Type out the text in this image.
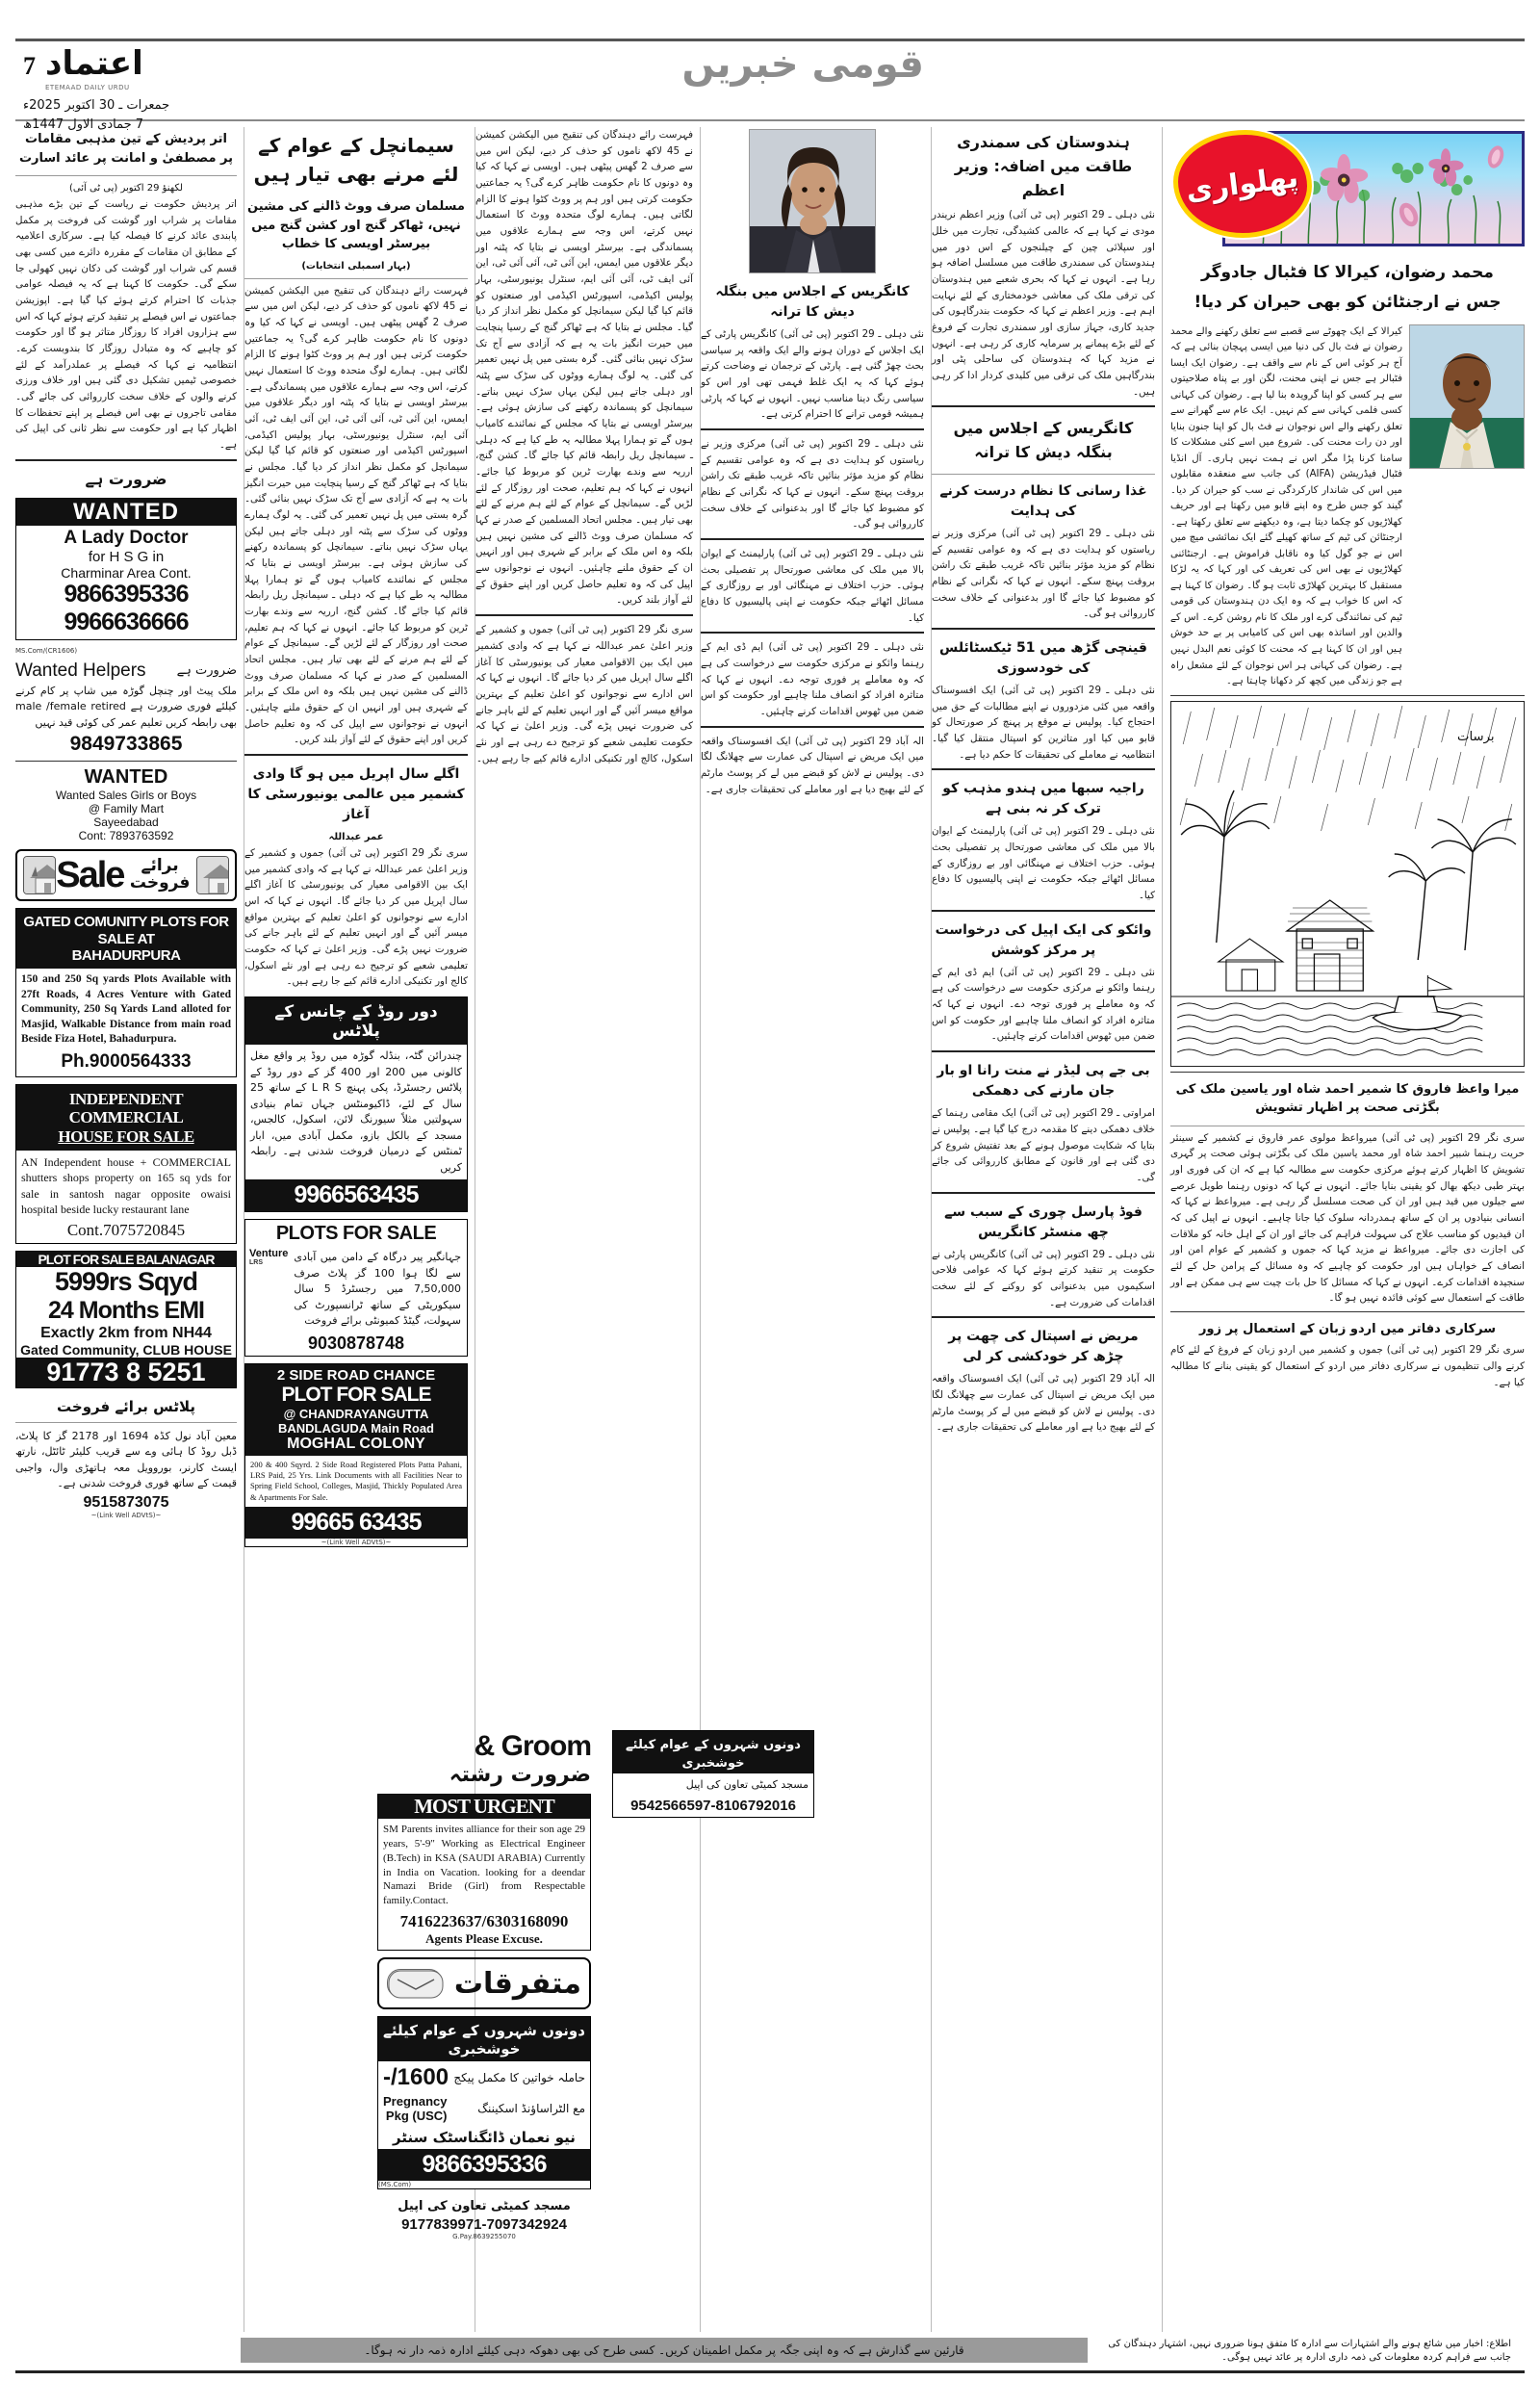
7 اعتماد
ETEMAAD DAILY URDU
جمعرات ـ 30 اکتوبر 2025ء
7 جمادی الاول 1447ھ
قومی خبریں
پھلواری
محمد رضوان، کیرالا کا فٹبال جادوگر
جس نے ارجنٹائن کو بھی حیران کر دیا!
کیرالا کے ایک چھوٹے سے قصبے سے تعلق رکھنے والے محمد رضوان نے فٹ بال کی دنیا میں ایسی پہچان بنائی ہے کہ آج ہر کوئی اس کے نام سے واقف ہے۔ رضوان ایک ایسا فٹبالر ہے جس نے اپنی محنت، لگن اور بے پناہ صلاحیتوں سے ہر کسی کو اپنا گرویدہ بنا لیا ہے۔ رضوان کی کہانی کسی فلمی کہانی سے کم نہیں۔ ایک عام سے گھرانے سے تعلق رکھنے والے اس نوجوان نے فٹ بال کو اپنا جنون بنایا اور دن رات محنت کی۔ شروع میں اسے کئی مشکلات کا سامنا کرنا پڑا مگر اس نے ہمت نہیں ہاری۔ آل انڈیا فٹبال فیڈریشن (AIFA) کی جانب سے منعقدہ مقابلوں میں اس کی شاندار کارکردگی نے سب کو حیران کر دیا۔ گیند کو جس طرح وہ اپنے قابو میں رکھتا ہے اور حریف کھلاڑیوں کو چکما دیتا ہے، وہ دیکھنے سے تعلق رکھتا ہے۔ ارجنٹائن کی ٹیم کے ساتھ کھیلے گئے ایک نمائشی میچ میں اس نے جو گول کیا وہ ناقابل فراموش ہے۔ ارجنٹائنی کھلاڑیوں نے بھی اس کی تعریف کی اور کہا کہ یہ لڑکا مستقبل کا بہترین کھلاڑی ثابت ہو گا۔ رضوان کا کہنا ہے کہ اس کا خواب ہے کہ وہ ایک دن ہندوستان کی قومی ٹیم کی نمائندگی کرے اور ملک کا نام روشن کرے۔ اس کے والدین اور اساتذہ بھی اس کی کامیابی پر بے حد خوش ہیں اور ان کا کہنا ہے کہ محنت کا کوئی نعم البدل نہیں ہے۔ رضوان کی کہانی ہر اس نوجوان کے لئے مشعل راہ ہے جو زندگی میں کچھ کر دکھانا چاہتا ہے۔
برسات
میرا واعظ فاروق کا شمیر احمد شاہ اور یاسین ملک کی بگڑتی صحت پر اظہار تشویش
سری نگر 29 اکتوبر (پی ٹی آئی) میرواعظ مولوی عمر فاروق نے کشمیر کے سینئر حریت رہنما شبیر احمد شاہ اور محمد یاسین ملک کی بگڑتی ہوئی صحت پر گہری تشویش کا اظہار کرتے ہوئے مرکزی حکومت سے مطالبہ کیا ہے کہ ان کی فوری اور بہتر طبی دیکھ بھال کو یقینی بنایا جائے۔ انہوں نے کہا کہ دونوں رہنما طویل عرصے سے جیلوں میں قید ہیں اور ان کی صحت مسلسل گر رہی ہے۔ میرواعظ نے کہا کہ انسانی بنیادوں پر ان کے ساتھ ہمدردانہ سلوک کیا جانا چاہیے۔ انہوں نے اپیل کی کہ ان قیدیوں کو مناسب علاج کی سہولت فراہم کی جائے اور ان کے اہل خانہ کو ملاقات کی اجازت دی جائے۔ میرواعظ نے مزید کہا کہ جموں و کشمیر کے عوام امن اور انصاف کے خواہاں ہیں اور حکومت کو چاہیے کہ وہ مسائل کے پرامن حل کے لئے سنجیدہ اقدامات کرے۔ انہوں نے کہا کہ مسائل کا حل بات چیت سے ہی ممکن ہے اور طاقت کے استعمال سے کوئی فائدہ نہیں ہو گا۔
سرکاری دفاتر میں اردو زبان کے استعمال پر زور
سری نگر 29 اکتوبر (پی ٹی آئی) جموں و کشمیر میں اردو زبان کے فروغ کے لئے کام کرنے والی تنظیموں نے سرکاری دفاتر میں اردو کے استعمال کو یقینی بنانے کا مطالبہ کیا ہے۔
ہندوستان کی سمندری طاقت میں اضافہ: وزیر اعظم
نئی دہلی ـ 29 اکتوبر (پی ٹی آئی) وزیر اعظم نریندر مودی نے کہا ہے کہ عالمی کشیدگی، تجارت میں خلل اور سپلائی چین کے چیلنجوں کے اس دور میں ہندوستان کی سمندری طاقت میں مسلسل اضافہ ہو رہا ہے۔ انہوں نے کہا کہ بحری شعبے میں ہندوستان کی ترقی ملک کی معاشی خودمختاری کے لئے نہایت اہم ہے۔ وزیر اعظم نے کہا کہ حکومت بندرگاہوں کی جدید کاری، جہاز سازی اور سمندری تجارت کے فروغ کے لئے بڑے پیمانے پر سرمایہ کاری کر رہی ہے۔ انہوں نے مزید کہا کہ ہندوستان کی ساحلی پٹی اور بندرگاہیں ملک کی ترقی میں کلیدی کردار ادا کر رہی ہیں۔
کانگریس کے اجلاس میں بنگلہ دیش کا ترانہ
غذا رسانی کا نظام درست کرنے کی ہدایت
نئی دہلی ـ 29 اکتوبر (پی ٹی آئی) مرکزی وزیر نے ریاستوں کو ہدایت دی ہے کہ وہ عوامی تقسیم کے نظام کو مزید مؤثر بنائیں تاکہ غریب طبقے تک راشن بروقت پہنچ سکے۔ انہوں نے کہا کہ نگرانی کے نظام کو مضبوط کیا جائے گا اور بدعنوانی کے خلاف سخت کارروائی ہو گی۔
قینچی گڑھ میں 51 ٹیکسٹائلس کی خودسوزی
نئی دہلی ـ 29 اکتوبر (پی ٹی آئی) ایک افسوسناک واقعہ میں کئی مزدوروں نے اپنے مطالبات کے حق میں احتجاج کیا۔ پولیس نے موقع پر پہنچ کر صورتحال کو قابو میں کیا اور متاثرین کو اسپتال منتقل کیا گیا۔ انتظامیہ نے معاملے کی تحقیقات کا حکم دیا ہے۔
راجیہ سبھا میں ہندو مذہب کو ترک کر نہ بنی ہے
نئی دہلی ـ 29 اکتوبر (پی ٹی آئی) پارلیمنٹ کے ایوان بالا میں ملک کی معاشی صورتحال پر تفصیلی بحث ہوئی۔ حزب اختلاف نے مہنگائی اور بے روزگاری کے مسائل اٹھائے جبکہ حکومت نے اپنی پالیسیوں کا دفاع کیا۔
وائکو کی ایک اپیل کی درخواست پر مرکز کوشش
نئی دہلی ـ 29 اکتوبر (پی ٹی آئی) ایم ڈی ایم کے رہنما وائکو نے مرکزی حکومت سے درخواست کی ہے کہ وہ معاملے پر فوری توجہ دے۔ انہوں نے کہا کہ متاثرہ افراد کو انصاف ملنا چاہیے اور حکومت کو اس ضمن میں ٹھوس اقدامات کرنے چاہئیں۔
بی جے پی لیڈر نے منت رانا او بار جان مارنے کی دھمکی
امراوتی ـ 29 اکتوبر (پی ٹی آئی) ایک مقامی رہنما کے خلاف دھمکی دینے کا مقدمہ درج کیا گیا ہے۔ پولیس نے بتایا کہ شکایت موصول ہونے کے بعد تفتیش شروع کر دی گئی ہے اور قانون کے مطابق کارروائی کی جائے گی۔
فوڈ پارسل چوری کے سبب سے چھ منسٹر کانگریس
نئی دہلی ـ 29 اکتوبر (پی ٹی آئی) کانگریس پارٹی نے حکومت پر تنقید کرتے ہوئے کہا کہ عوامی فلاحی اسکیموں میں بدعنوانی کو روکنے کے لئے سخت اقدامات کی ضرورت ہے۔
مریض نے اسپتال کی چھت پر چڑھ کر خودکشی کر لی
الہ آباد 29 اکتوبر (پی ٹی آئی) ایک افسوسناک واقعہ میں ایک مریض نے اسپتال کی عمارت سے چھلانگ لگا دی۔ پولیس نے لاش کو قبضے میں لے کر پوسٹ مارٹم کے لئے بھیج دیا ہے اور معاملے کی تحقیقات جاری ہے۔
کانگریس کے اجلاس میں بنگلہ دیش کا ترانہ
نئی دہلی ـ 29 اکتوبر (پی ٹی آئی) کانگریس پارٹی کے ایک اجلاس کے دوران ہونے والے ایک واقعہ پر سیاسی بحث چھڑ گئی ہے۔ پارٹی کے ترجمان نے وضاحت کرتے ہوئے کہا کہ یہ ایک غلط فہمی تھی اور اس کو سیاسی رنگ دینا مناسب نہیں۔ انہوں نے کہا کہ پارٹی ہمیشہ قومی ترانے کا احترام کرتی ہے۔
نئی دہلی ـ 29 اکتوبر (پی ٹی آئی) مرکزی وزیر نے ریاستوں کو ہدایت دی ہے کہ وہ عوامی تقسیم کے نظام کو مزید مؤثر بنائیں تاکہ غریب طبقے تک راشن بروقت پہنچ سکے۔ انہوں نے کہا کہ نگرانی کے نظام کو مضبوط کیا جائے گا اور بدعنوانی کے خلاف سخت کارروائی ہو گی۔
نئی دہلی ـ 29 اکتوبر (پی ٹی آئی) پارلیمنٹ کے ایوان بالا میں ملک کی معاشی صورتحال پر تفصیلی بحث ہوئی۔ حزب اختلاف نے مہنگائی اور بے روزگاری کے مسائل اٹھائے جبکہ حکومت نے اپنی پالیسیوں کا دفاع کیا۔
نئی دہلی ـ 29 اکتوبر (پی ٹی آئی) ایم ڈی ایم کے رہنما وائکو نے مرکزی حکومت سے درخواست کی ہے کہ وہ معاملے پر فوری توجہ دے۔ انہوں نے کہا کہ متاثرہ افراد کو انصاف ملنا چاہیے اور حکومت کو اس ضمن میں ٹھوس اقدامات کرنے چاہئیں۔
الہ آباد 29 اکتوبر (پی ٹی آئی) ایک افسوسناک واقعہ میں ایک مریض نے اسپتال کی عمارت سے چھلانگ لگا دی۔ پولیس نے لاش کو قبضے میں لے کر پوسٹ مارٹم کے لئے بھیج دیا ہے اور معاملے کی تحقیقات جاری ہے۔
فہرست رائے دہندگان کی تنقیح میں الیکشن کمیشن نے 45 لاکھ ناموں کو حذف کر دیے، لیکن اس میں سے صرف 2 گھس پیٹھی ہیں۔ اویسی نے کہا کہ کیا وہ دونوں کا نام حکومت ظاہر کرے گی؟ یہ جماعتیں حکومت کرتی ہیں اور ہم پر ووٹ کٹوا ہونے کا الزام لگاتی ہیں۔ ہمارے لوگ متحدہ ووٹ کا استعمال نہیں کرتے، اس وجہ سے ہمارے علاقوں میں پسماندگی ہے۔ بیرسٹر اویسی نے بتایا کہ پٹنہ اور دیگر علاقوں میں ایمس، این آئی ٹی، آئی آئی ٹی، این آئی ایف ٹی، آئی آئی ایم، سنٹرل یونیورسٹی، بہار پولیس اکیڈمی، اسپورٹس اکیڈمی اور صنعتوں کو قائم کیا گیا لیکن سیمانچل کو مکمل نظر انداز کر دیا گیا۔ مجلس نے بتایا کہ ہے ٹھاکر گنج کے رسیا پنچایت میں حیرت انگیز بات یہ ہے کہ آزادی سے آج تک سڑک نہیں بنائی گئی۔ گرہ بستی میں پل نہیں تعمیر کی گئی۔ یہ لوگ ہمارے ووٹوں کی سڑک سے پٹنہ اور دہلی جاتے ہیں لیکن یہاں سڑک نہیں بناتے۔ سیمانچل کو پسماندہ رکھنے کی سازش ہوئی ہے۔ بیرسٹر اویسی نے بتایا کہ مجلس کے نمائندے کامیاب ہوں گے تو ہمارا پہلا مطالبہ یہ طے کیا ہے کہ دہلی ـ سیمانچل ریل رابطہ قائم کیا جائے گا۔ کشن گنج، ارریہ سے وندے بھارت ٹرین کو مربوط کیا جائے۔ انہوں نے کہا کہ ہم تعلیم، صحت اور روزگار کے لئے لڑیں گے۔ سیمانچل کے عوام کے لئے ہم مرنے کے لئے بھی تیار ہیں۔ مجلس اتحاد المسلمین کے صدر نے کہا کہ مسلمان صرف ووٹ ڈالنے کی مشین نہیں ہیں بلکہ وہ اس ملک کے برابر کے شہری ہیں اور انہیں ان کے حقوق ملنے چاہئیں۔ انہوں نے نوجوانوں سے اپیل کی کہ وہ تعلیم حاصل کریں اور اپنے حقوق کے لئے آواز بلند کریں۔
سری نگر 29 اکتوبر (پی ٹی آئی) جموں و کشمیر کے وزیر اعلیٰ عمر عبداللہ نے کہا ہے کہ وادی کشمیر میں ایک بین الاقوامی معیار کی یونیورسٹی کا آغاز اگلے سال اپریل میں کر دیا جائے گا۔ انہوں نے کہا کہ اس ادارے سے نوجوانوں کو اعلیٰ تعلیم کے بہترین مواقع میسر آئیں گے اور انہیں تعلیم کے لئے باہر جانے کی ضرورت نہیں پڑے گی۔ وزیر اعلیٰ نے کہا کہ حکومت تعلیمی شعبے کو ترجیح دے رہی ہے اور نئے اسکول، کالج اور تکنیکی ادارے قائم کیے جا رہے ہیں۔
سیمانچل کے عوام کے لئے مرنے بھی تیار ہیں
مسلمان صرف ووٹ ڈالنے کی مشین نہیں، ٹھاکر گنج اور کشن گنج میں بیرسٹر اویسی کا خطاب
(بہار اسمبلی انتخابات)
فہرست رائے دہندگان کی تنقیح میں الیکشن کمیشن نے 45 لاکھ ناموں کو حذف کر دیے، لیکن اس میں سے صرف 2 گھس پیٹھی ہیں۔ اویسی نے کہا کہ کیا وہ دونوں کا نام حکومت ظاہر کرے گی؟ یہ جماعتیں حکومت کرتی ہیں اور ہم پر ووٹ کٹوا ہونے کا الزام لگاتی ہیں۔ ہمارے لوگ متحدہ ووٹ کا استعمال نہیں کرتے، اس وجہ سے ہمارے علاقوں میں پسماندگی ہے۔ بیرسٹر اویسی نے بتایا کہ پٹنہ اور دیگر علاقوں میں ایمس، این آئی ٹی، آئی آئی ٹی، این آئی ایف ٹی، آئی آئی ایم، سنٹرل یونیورسٹی، بہار پولیس اکیڈمی، اسپورٹس اکیڈمی اور صنعتوں کو قائم کیا گیا لیکن سیمانچل کو مکمل نظر انداز کر دیا گیا۔ مجلس نے بتایا کہ ہے ٹھاکر گنج کے رسیا پنچایت میں حیرت انگیز بات یہ ہے کہ آزادی سے آج تک سڑک نہیں بنائی گئی۔ گرہ بستی میں پل نہیں تعمیر کی گئی۔ یہ لوگ ہمارے ووٹوں کی سڑک سے پٹنہ اور دہلی جاتے ہیں لیکن یہاں سڑک نہیں بناتے۔ سیمانچل کو پسماندہ رکھنے کی سازش ہوئی ہے۔ بیرسٹر اویسی نے بتایا کہ مجلس کے نمائندے کامیاب ہوں گے تو ہمارا پہلا مطالبہ یہ طے کیا ہے کہ دہلی ـ سیمانچل ریل رابطہ قائم کیا جائے گا۔ کشن گنج، ارریہ سے وندے بھارت ٹرین کو مربوط کیا جائے۔ انہوں نے کہا کہ ہم تعلیم، صحت اور روزگار کے لئے لڑیں گے۔ سیمانچل کے عوام کے لئے ہم مرنے کے لئے بھی تیار ہیں۔ مجلس اتحاد المسلمین کے صدر نے کہا کہ مسلمان صرف ووٹ ڈالنے کی مشین نہیں ہیں بلکہ وہ اس ملک کے برابر کے شہری ہیں اور انہیں ان کے حقوق ملنے چاہئیں۔ انہوں نے نوجوانوں سے اپیل کی کہ وہ تعلیم حاصل کریں اور اپنے حقوق کے لئے آواز بلند کریں۔
اگلے سال اپریل میں ہو گا وادی کشمیر میں عالمی یونیورسٹی کا آغاز
عمر عبداللہ
سری نگر 29 اکتوبر (پی ٹی آئی) جموں و کشمیر کے وزیر اعلیٰ عمر عبداللہ نے کہا ہے کہ وادی کشمیر میں ایک بین الاقوامی معیار کی یونیورسٹی کا آغاز اگلے سال اپریل میں کر دیا جائے گا۔ انہوں نے کہا کہ اس ادارے سے نوجوانوں کو اعلیٰ تعلیم کے بہترین مواقع میسر آئیں گے اور انہیں تعلیم کے لئے باہر جانے کی ضرورت نہیں پڑے گی۔ وزیر اعلیٰ نے کہا کہ حکومت تعلیمی شعبے کو ترجیح دے رہی ہے اور نئے اسکول، کالج اور تکنیکی ادارے قائم کیے جا رہے ہیں۔
دور روڈ کے چانس کے پلاٹس
چندرائن گٹہ، بنڈلہ گوڑہ میں روڈ پر واقع مغل کالونی میں 200 اور 400 گز کے دور روڈ کے پلاٹس رجسٹرڈ، پکی پہنچ L R S کے ساتھ 25 سال کے لئے، ڈاکیومنٹس جہاں تمام بنیادی سہولتیں مثلاً سیورنگ لائن، اسکول، کالجس، مسجد کے بالکل بازو، مکمل آبادی میں، ابار ٹمنٹس کے درمیان فروخت شدنی ہے۔ رابطہ کریں
9966563435
PLOTS FOR SALE
Venture
LRS	جہانگیر پیر درگاہ کے دامن میں آبادی سے لگا ہوا 100 گز پلاٹ صرف 7,50,000 میں رجسٹرڈ 5 سال سیکوریٹی کے ساتھ ٹرانسپورٹ کی سہولت، گیٹڈ کمیونٹی برائے فروخت
9030878748
2 SIDE ROAD CHANCE
PLOT FOR SALE
@ CHANDRAYANGUTTA
BANDLAGUDA Main Road
MOGHAL COLONY
200 & 400 Sqyrd. 2 Side Road Registered Plots Patta Pahani, LRS Paid, 25 Yrs. Link Documents with all Facilities Near to Spring Field School, Colleges, Masjid, Thickly Populated Area & Apartments For Sale.
99665 63435
~(Link Well ADVtS)~
اتر پردیش کے تین مذہبی مقامات پر مصطفیٰ و امانت پر عائد اسارت
لکھنؤ 29 اکتوبر (پی ٹی آئی)
اتر پردیش حکومت نے ریاست کے تین بڑے مذہبی مقامات پر شراب اور گوشت کی فروخت پر مکمل پابندی عائد کرنے کا فیصلہ کیا ہے۔ سرکاری اعلامیہ کے مطابق ان مقامات کے مقررہ دائرے میں کسی بھی قسم کی شراب اور گوشت کی دکان نہیں کھولی جا سکے گی۔ حکومت کا کہنا ہے کہ یہ فیصلہ عوامی جذبات کا احترام کرتے ہوئے کیا گیا ہے۔ اپوزیشن جماعتوں نے اس فیصلے پر تنقید کرتے ہوئے کہا کہ اس سے ہزاروں افراد کا روزگار متاثر ہو گا اور حکومت کو چاہیے کہ وہ متبادل روزگار کا بندوبست کرے۔ انتظامیہ نے کہا کہ فیصلے پر عملدرآمد کے لئے خصوصی ٹیمیں تشکیل دی گئی ہیں اور خلاف ورزی کرنے والوں کے خلاف سخت کارروائی کی جائے گی۔ مقامی تاجروں نے بھی اس فیصلے پر اپنے تحفظات کا اظہار کیا ہے اور حکومت سے نظر ثانی کی اپیل کی ہے۔
ضرورت ہے
WANTED
A Lady Doctor
for H S G in
Charminar Area Cont.
9866395336
9966636666
MS.Com/(CR1606)
ضرورت ہے
Wanted Helpers
ملک پیٹ اور چنچل گوڑہ میں شاپ پر کام کرنے کیلئے فوری ضرورت ہے male /female retired بھی رابطہ کریں تعلیم عمر کی کوئی قید نہیں
9849733865
WANTED
Wanted Sales Girls or Boys
@ Family Mart
Sayeedabad
Cont: 7893763592
Sale	برائے فروخت
GATED COMUNITY PLOTS FOR SALE AT
BAHADURPURA
150 and 250 Sq yards Plots Available with 27ft Roads, 4 Acres Venture with Gated Community, 250 Sq Yards Land alloted for Masjid, Walkable Distance from main road Beside Fiza Hotel, Bahadurpura.
Ph.9000564333
INDEPENDENT
COMMERCIAL
HOUSE FOR SALE
AN Independent house + COMMERCIAL shutters shops property on 165 sq yds for sale in santosh nagar opposite owaisi hospital beside lucky restaurant lane
Cont.7075720845
PLOT FOR SALE BALANAGAR
5999rs Sqyd
24 Months EMI
Exactly 2km from NH44
Gated Community, CLUB HOUSE
91773 8 5251
پلاٹس برائے فروخت
معین آباد نول کڈہ 1694 اور 2178 گز کا پلاٹ، ڈبل روڈ کا ہائی وے سے قریب کلیئر ٹائٹل، نارتھ ایسٹ کارنر، بوروویل معہ ہاتھڑی وال، واجبی قیمت کے ساتھ فوری فروخت شدنی ہے۔
9515873075
~(Link Well ADVtS)~
& Groom
ضرورت رشتہ
MOST URGENT
SM Parents invites alliance for their son age 29 years, 5'-9" Working as Electrical Engineer (B.Tech) in KSA (SAUDI ARABIA) Currently in India on Vacation. looking for a deendar Namazi Bride (Girl) from Respectable family.Contact.
7416223637/6303168090
Agents Please Excuse.
متفرقات
دونوں شہروں کے عوام کیلئے خوشخبری
حاملہ خواتین کا مکمل پیکج
1600/-
مع الٹراساؤنڈ اسکیننگ
Pregnancy
Pkg (USC)
نیو نعمان ڈائگناسٹک سنٹر
9866395336
(MS.Com)
مسجد کمیٹی تعاون کی اپیل
9177839971-7097342924
G.Pay.8639255070
دونوں شہروں کے عوام کیلئے خوشخبری
مسجد کمیٹی تعاون کی اپیل
9542566597-8106792016
قارئین سے گذارش ہے کہ وہ اپنی جگہ پر مکمل اطمینان کریں۔ کسی طرح کی بھی دھوکہ دہی کیلئے ادارہ ذمہ دار نہ ہوگا۔	اطلاع: اخبار میں شائع ہونے والے اشتہارات سے ادارہ کا متفق ہونا ضروری نہیں، اشتہار دہندگان کی جانب سے فراہم کردہ معلومات کی ذمہ داری ادارہ پر عائد نہیں ہوگی۔
